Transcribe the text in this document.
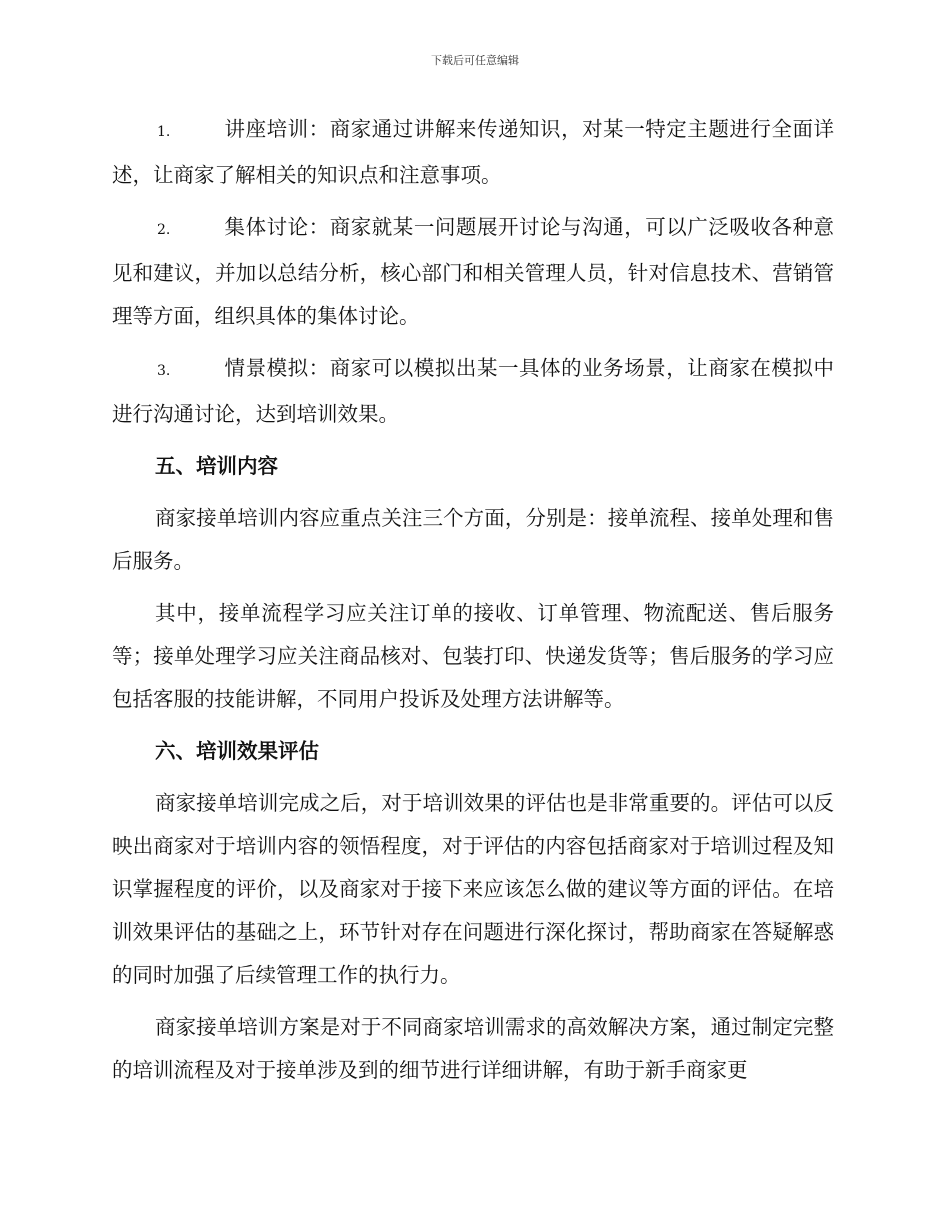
下载后可任意编辑

1.	讲座培训：商家通过讲解来传递知识，对某一特定主题进行全面详述，让商家了解相关的知识点和注意事项。

2.	集体讨论：商家就某一问题展开讨论与沟通，可以广泛吸收各种意见和建议，并加以总结分析，核心部门和相关管理人员，针对信息技术、营销管理等方面，组织具体的集体讨论。

3.	情景模拟：商家可以模拟出某一具体的业务场景，让商家在模拟中进行沟通讨论，达到培训效果。

五、培训内容

商家接单培训内容应重点关注三个方面，分别是：接单流程、接单处理和售后服务。

其中，接单流程学习应关注订单的接收、订单管理、物流配送、售后服务等；接单处理学习应关注商品核对、包装打印、快递发货等；售后服务的学习应包括客服的技能讲解，不同用户投诉及处理方法讲解等。

六、培训效果评估

商家接单培训完成之后，对于培训效果的评估也是非常重要的。评估可以反映出商家对于培训内容的领悟程度，对于评估的内容包括商家对于培训过程及知识掌握程度的评价，以及商家对于接下来应该怎么做的建议等方面的评估。在培训效果评估的基础之上，环节针对存在问题进行深化探讨，帮助商家在答疑解惑的同时加强了后续管理工作的执行力。

商家接单培训方案是对于不同商家培训需求的高效解决方案，通过制定完整的培训流程及对于接单涉及到的细节进行详细讲解，有助于新手商家更
